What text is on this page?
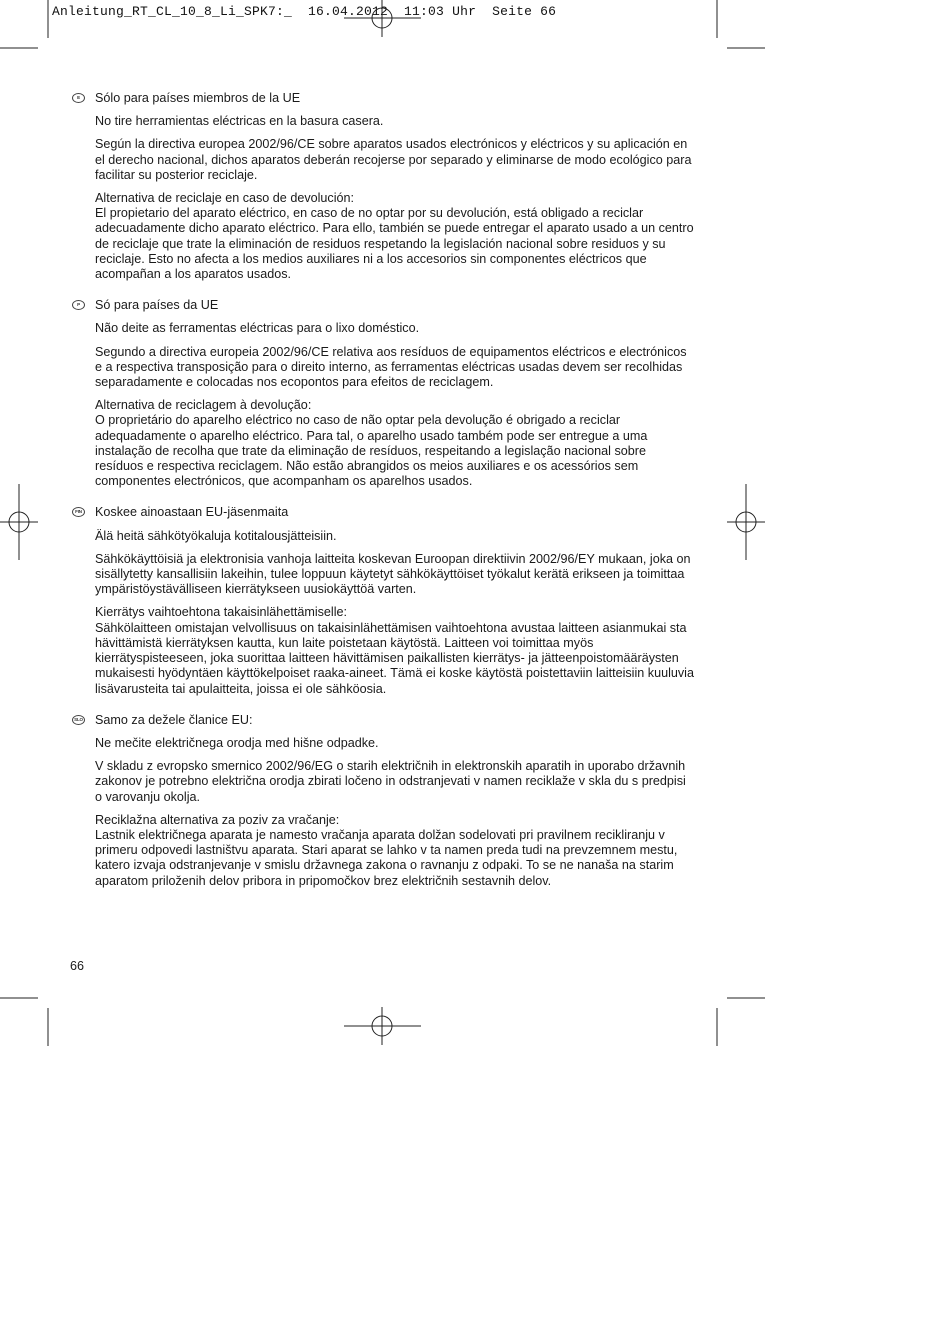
Anleitung_RT_CL_10_8_Li_SPK7:_  16.04.2012  11:03 Uhr  Seite 66
E	Sólo para países miembros de la UE
No tire herramientas eléctricas en la basura casera.
Según la directiva europea 2002/96/CE sobre aparatos usados electrónicos y eléctricos y su aplicación en el derecho nacional, dichos aparatos deberán recojerse por separado y eliminarse de modo ecológico para facilitar su posterior reciclaje.
Alternativa de reciclaje en caso de devolución:
El propietario del aparato eléctrico, en caso de no optar por su devolución, está obligado a reciclar adecuadamente dicho aparato eléctrico. Para ello, también se puede entregar el aparato usado a un centro de reciclaje que trate la eliminación de residuos respetando la legislación nacional sobre residuos y su reciclaje. Esto no afecta a los medios auxiliares ni a los accesorios sin componentes eléctricos que acompañan a los aparatos usados.
P	Só para países da UE
Não deite as ferramentas eléctricas para o lixo doméstico.
Segundo a directiva europeia 2002/96/CE relativa aos resíduos de equipamentos eléctricos e electrónicos e a respectiva transposição para o direito interno, as ferramentas eléctricas usadas devem ser recolhidas separadamente e colocadas nos ecopontos para efeitos de reciclagem.
Alternativa de reciclagem à devolução:
O proprietário do aparelho eléctrico no caso de não optar pela devolução é obrigado a reciclar adequadamente o aparelho eléctrico. Para tal, o aparelho usado também pode ser entregue a uma instalação de recolha que trate da eliminação de resíduos, respeitando a legislação nacional sobre resíduos e respectiva reciclagem. Não estão abrangidos os meios auxiliares e os acessórios sem componentes electrónicos, que acompanham os aparelhos usados.
FIN Koskee ainoastaan EU-jäsenmaita
Älä heitä sähkötyökaluja kotitalousjätteisiin.
Sähkökäyttöisiä ja elektronisia vanhoja laitteita koskevan Euroopan direktiivin 2002/96/EY mukaan, joka on sisällytetty kansallisiin lakeihin, tulee loppuun käytetyt sähkökäyttöiset työkalut kerätä erikseen ja toimittaa ympäristöystävälliseen kierrätykseen uusiokäyttöä varten.
Kierrätys vaihtoehtona takaisinlähettämiselle:
Sähkölaitteen omistajan velvollisuus on takaisinlähettämisen vaihtoehtona avustaa laitteen asianmukai sta hävittämistä kierrätyksen kautta, kun laite poistetaan käytöstä. Laitteen voi toimittaa myös kierrätyspisteeseen, joka suorittaa laitteen hävittämisen paikallisten kierrätys- ja jätteenpoistomääräysten mukaisesti hyödyntäen käyttökelpoiset raaka-aineet. Tämä ei koske käytöstä poistettaviin laitteisiin kuuluvia lisävarusteita tai apulaitteita, joissa ei ole sähköosia.
SLO Samo za dežele članice EU:
Ne mečite električnega orodja med hišne odpadke.
V skladu z evropsko smernico 2002/96/EG o starih električnih in elektronskih aparatih in uporabo državnih zakonov je potrebno električna orodja zbirati ločeno in odstranjevati v namen reciklaže v skla du s predpisi o varovanju okolja.
Reciklažna alternativa za poziv za vračanje:
Lastnik električnega aparata je namesto vračanja aparata dolžan sodelovati pri pravilnem recikliranju v primeru odpovedi lastništvu aparata. Stari aparat se lahko v ta namen preda tudi na prevzemnem mestu, katero izvaja odstranjevanje v smislu državnega zakona o ravnanju z odpaki. To se ne nanaša na starim aparatom priloženih delov pribora in pripomočkov brez električnih sestavnih delov.
66
